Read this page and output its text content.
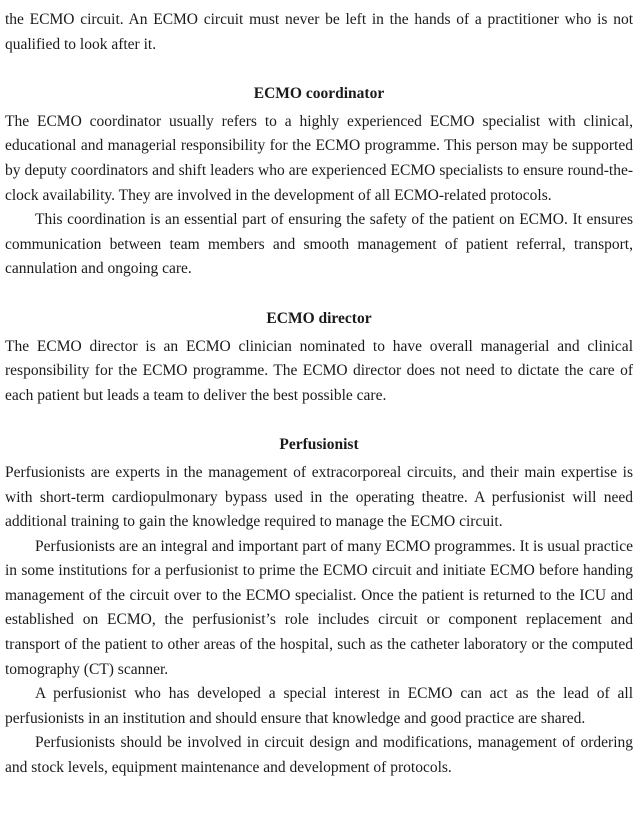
the ECMO circuit. An ECMO circuit must never be left in the hands of a practitioner who is not qualified to look after it.

ECMO coordinator

The ECMO coordinator usually refers to a highly experienced ECMO specialist with clinical, educational and managerial responsibility for the ECMO programme. This person may be supported by deputy coordinators and shift leaders who are experienced ECMO specialists to ensure round-the-clock availability. They are involved in the development of all ECMO-related protocols.

This coordination is an essential part of ensuring the safety of the patient on ECMO. It ensures communication between team members and smooth management of patient referral, transport, cannulation and ongoing care.

ECMO director

The ECMO director is an ECMO clinician nominated to have overall managerial and clinical responsibility for the ECMO programme. The ECMO director does not need to dictate the care of each patient but leads a team to deliver the best possible care.

Perfusionist

Perfusionists are experts in the management of extracorporeal circuits, and their main expertise is with short-term cardiopulmonary bypass used in the operating theatre. A perfusionist will need additional training to gain the knowledge required to manage the ECMO circuit.

Perfusionists are an integral and important part of many ECMO programmes. It is usual practice in some institutions for a perfusionist to prime the ECMO circuit and initiate ECMO before handing management of the circuit over to the ECMO specialist. Once the patient is returned to the ICU and established on ECMO, the perfusionist’s role includes circuit or component replacement and transport of the patient to other areas of the hospital, such as the catheter laboratory or the computed tomography (CT) scanner.

A perfusionist who has developed a special interest in ECMO can act as the lead of all perfusionists in an institution and should ensure that knowledge and good practice are shared.

Perfusionists should be involved in circuit design and modifications, management of ordering and stock levels, equipment maintenance and development of protocols.
